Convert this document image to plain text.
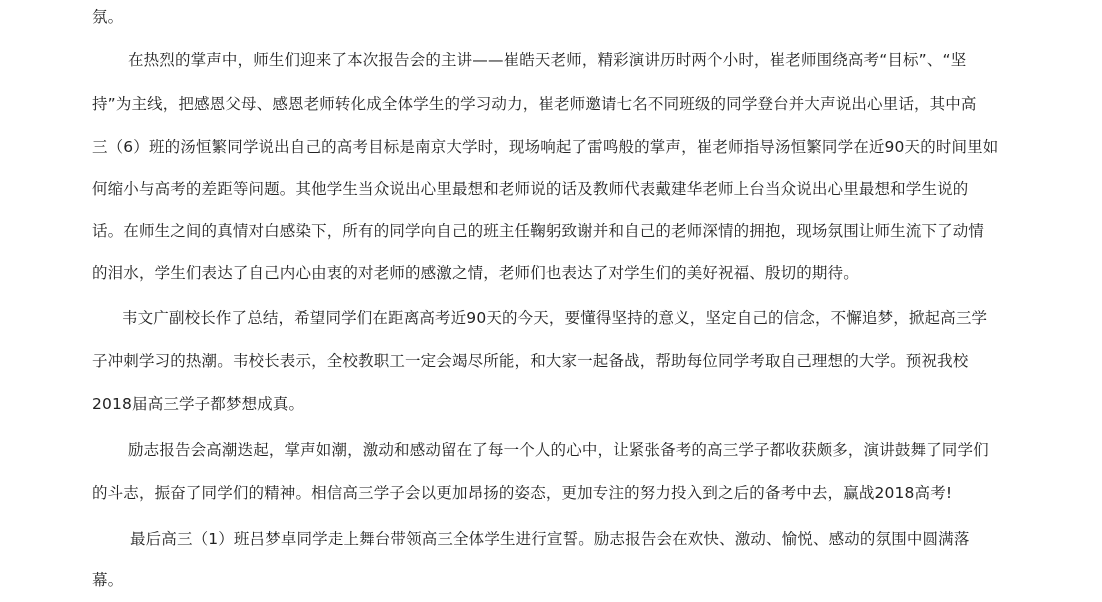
氛。
在热烈的掌声中，师生们迎来了本次报告会的主讲——崔皓天老师，精彩演讲历时两个小时，崔老师围绕高考“目标”、“坚
持”为主线，把感恩父母、感恩老师转化成全体学生的学习动力，崔老师邀请七名不同班级的同学登台并大声说出心里话，其中高
三（6）班的汤恒繁同学说出自己的高考目标是南京大学时，现场响起了雷鸣般的掌声，崔老师指导汤恒繁同学在近90天的时间里如
何缩小与高考的差距等问题。其他学生当众说出心里最想和老师说的话及教师代表戴建华老师上台当众说出心里最想和学生说的
话。在师生之间的真情对白感染下，所有的同学向自己的班主任鞠躬致谢并和自己的老师深情的拥抱，现场氛围让师生流下了动情
的泪水，学生们表达了自己内心由衷的对老师的感激之情，老师们也表达了对学生们的美好祝福、殷切的期待。
韦文广副校长作了总结，希望同学们在距离高考近90天的今天，要懂得坚持的意义，坚定自己的信念，不懈追梦，掀起高三学
子冲刺学习的热潮。韦校长表示，全校教职工一定会竭尽所能，和大家一起备战，帮助每位同学考取自己理想的大学。预祝我校
2018届高三学子都梦想成真。
励志报告会高潮迭起，掌声如潮，激动和感动留在了每一个人的心中，让紧张备考的高三学子都收获颇多，演讲鼓舞了同学们
的斗志，振奋了同学们的精神。相信高三学子会以更加昂扬的姿态，更加专注的努力投入到之后的备考中去，赢战2018高考!
最后高三（1）班吕梦卓同学走上舞台带领高三全体学生进行宣誓。励志报告会在欢快、激动、愉悦、感动的氛围中圆满落
幕。
